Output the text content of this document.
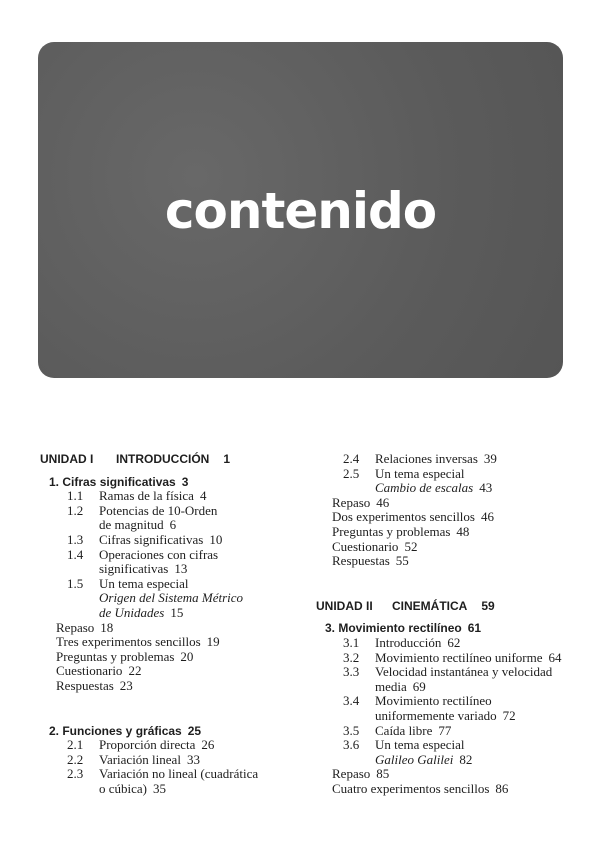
contenido
UNIDAD I INTRODUCCIÓN 1
1. Cifras significativas 3
1.1 Ramas de la física 4
1.2 Potencias de 10-Orden
de magnitud 6
1.3 Cifras significativas 10
1.4 Operaciones con cifras
significativas 13
1.5 Un tema especial
Origen del Sistema Métrico
de Unidades 15
Repaso 18
Tres experimentos sencillos 19
Preguntas y problemas 20
Cuestionario 22
Respuestas 23
2. Funciones y gráficas 25
2.1 Proporción directa 26
2.2 Variación lineal 33
2.3 Variación no lineal (cuadrática
o cúbica) 35
2.4 Relaciones inversas 39
2.5 Un tema especial
Cambio de escalas 43
Repaso 46
Dos experimentos sencillos 46
Preguntas y problemas 48
Cuestionario 52
Respuestas 55
UNIDAD II CINEMÁTICA 59
3. Movimiento rectilíneo 61
3.1 Introducción 62
3.2 Movimiento rectilíneo uniforme 64
3.3 Velocidad instantánea y velocidad
media 69
3.4 Movimiento rectilíneo
uniformemente variado 72
3.5 Caída libre 77
3.6 Un tema especial
Galileo Galilei 82
Repaso 85
Cuatro experimentos sencillos 86
